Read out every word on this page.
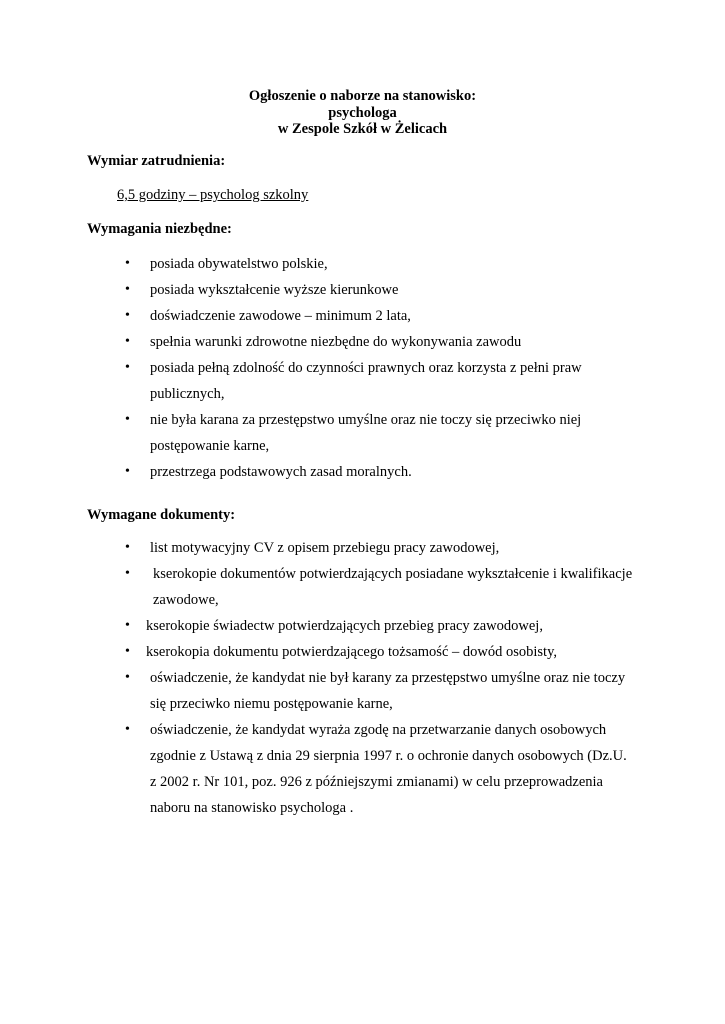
Ogłoszenie o naborze na stanowisko:
psychologa
w Zespole Szkół w Żelicach
Wymiar zatrudnienia:
6,5 godziny – psycholog szkolny
Wymagania niezbędne:
• posiada obywatelstwo polskie,
• posiada wykształcenie wyższe kierunkowe
• doświadczenie zawodowe – minimum 2 lata,
• spełnia warunki zdrowotne niezbędne do wykonywania zawodu
• posiada pełną zdolność do czynności prawnych oraz korzysta z pełni praw
publicznych,
• nie była karana za przestępstwo umyślne oraz nie toczy się przeciwko niej
postępowanie karne,
• przestrzega podstawowych zasad moralnych.
Wymagane dokumenty:
• list motywacyjny CV z opisem przebiegu pracy zawodowej,
• kserokopie dokumentów potwierdzających posiadane wykształcenie i kwalifikacje
zawodowe,
• kserokopie świadectw potwierdzających przebieg pracy zawodowej,
• kserokopia dokumentu potwierdzającego tożsamość – dowód osobisty,
• oświadczenie, że kandydat nie był karany za przestępstwo umyślne oraz nie toczy
się przeciwko niemu postępowanie karne,
• oświadczenie, że kandydat wyraża zgodę na przetwarzanie danych osobowych
zgodnie z Ustawą z dnia 29 sierpnia 1997 r. o ochronie danych osobowych (Dz.U.
z 2002 r. Nr 101, poz. 926 z późniejszymi zmianami) w celu przeprowadzenia
naboru na stanowisko psychologa .
